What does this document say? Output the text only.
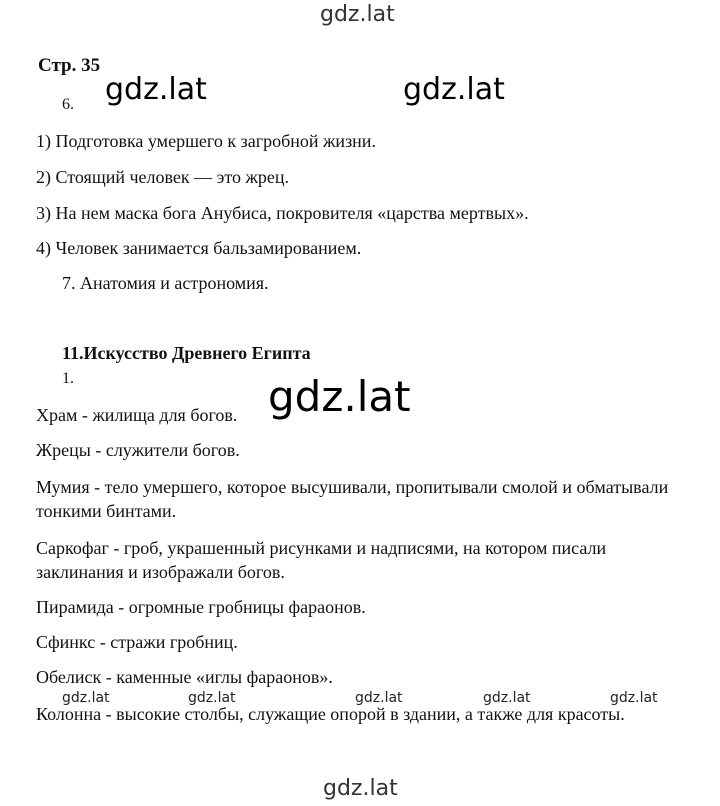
gdz.lat
Стр. 35
gdz.lat	gdz.lat
6.
1) Подготовка умершего к загробной жизни.
2) Стоящий человек — это жрец.
3) На нем маска бога Анубиса, покровителя «царства мертвых».
4) Человек занимается бальзамированием.
7. Анатомия и астрономия.
11.Искусство Древнего Египта
1.	gdz.lat
Храм - жилища для богов.
Жрецы - служители богов.
Мумия - тело умершего, которое высушивали, пропитывали смолой и обматывали тонкими бинтами.
Саркофаг - гроб, украшенный рисунками и надписями, на котором писали заклинания и изображали богов.
Пирамида - огромные гробницы фараонов.
Сфинкс - стражи гробниц.
Обелиск - каменные «иглы фараонов».
gdz.lat	gdz.lat	gdz.lat	gdz.lat	gdz.lat
Колонна - высокие столбы, служащие опорой в здании, а также для красоты.
gdz.lat
